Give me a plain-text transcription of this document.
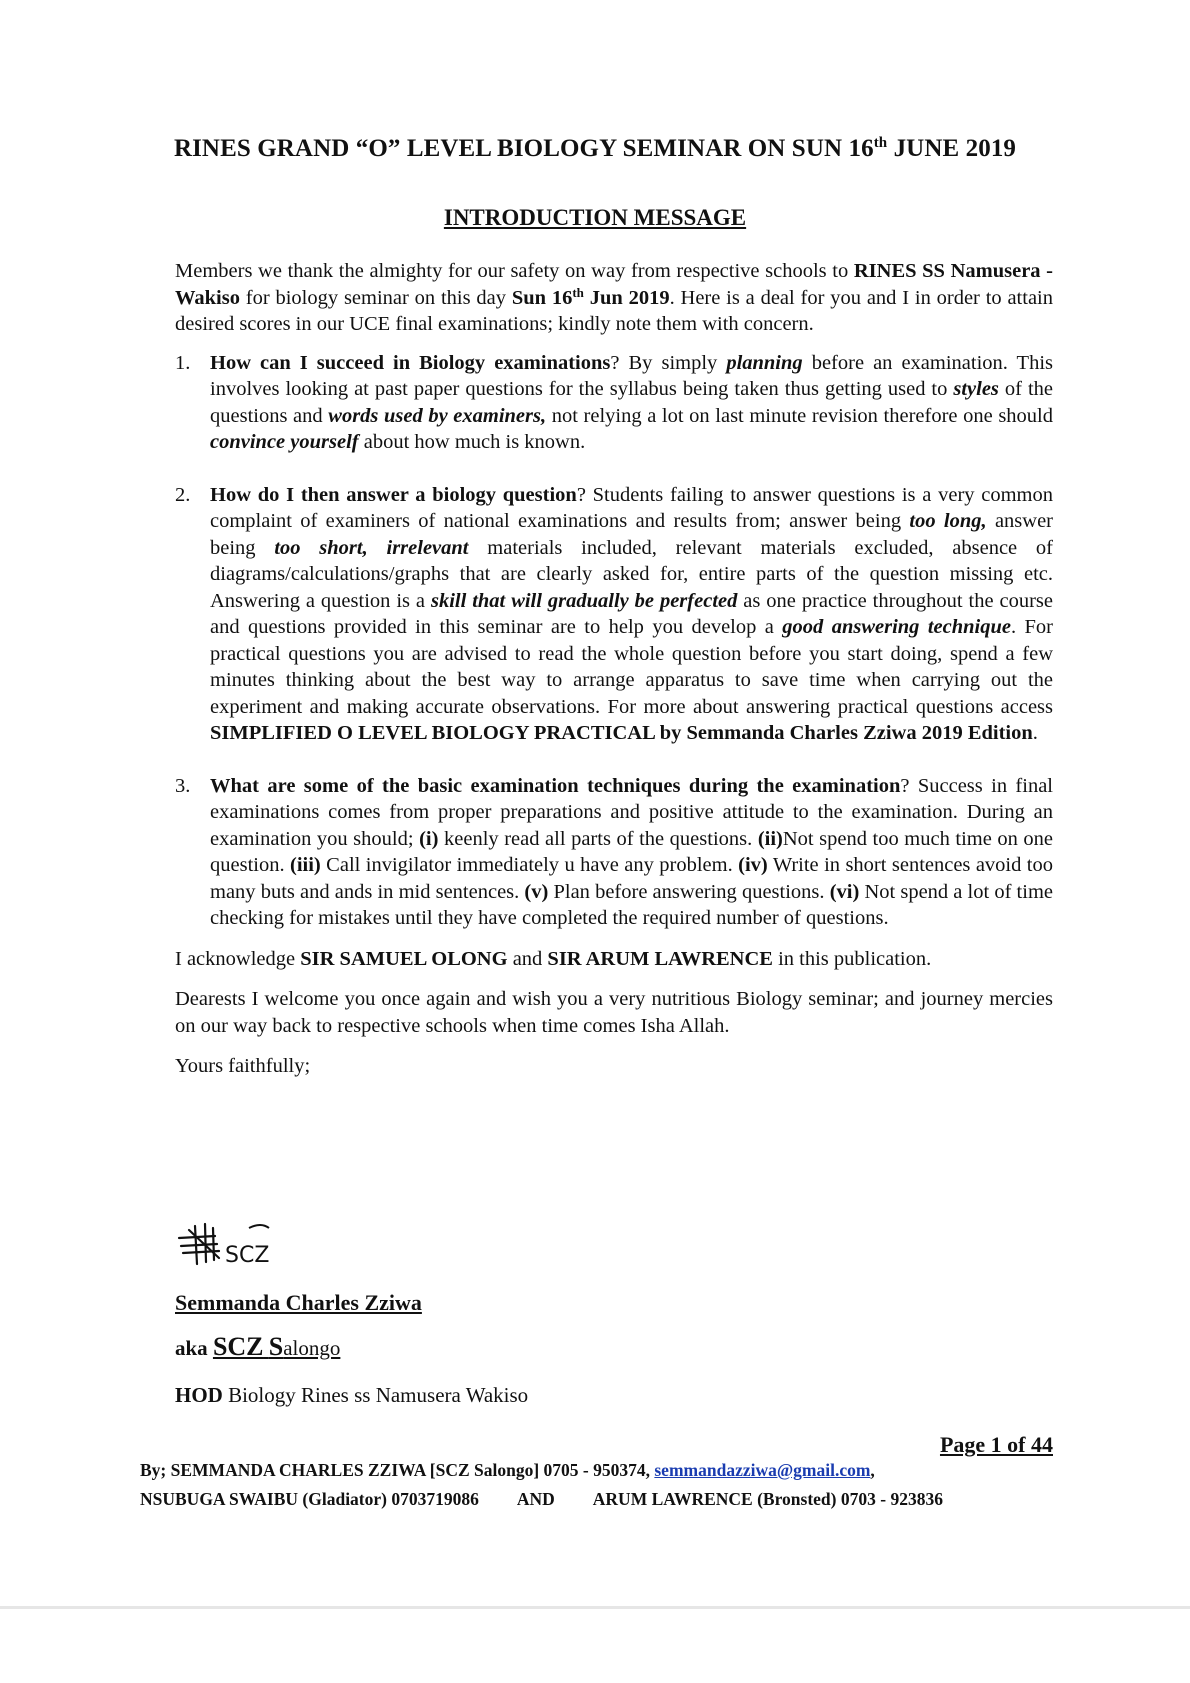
RINES GRAND “O” LEVEL BIOLOGY SEMINAR ON SUN 16th JUNE 2019
INTRODUCTION MESSAGE

Members we thank the almighty for our safety on way from respective schools to RINES SS Namusera - Wakiso for biology seminar on this day Sun 16th Jun 2019. Here is a deal for you and I in order to attain desired scores in our UCE final examinations; kindly note them with concern.

1. How can I succeed in Biology examinations? By simply planning before an examination. This involves looking at past paper questions for the syllabus being taken thus getting used to styles of the questions and words used by examiners, not relying a lot on last minute revision therefore one should convince yourself about how much is known.
2. How do I then answer a biology question? Students failing to answer questions is a very common complaint of examiners of national examinations and results from; answer being too long, answer being too short, irrelevant materials included, relevant materials excluded, absence of diagrams/calculations/graphs that are clearly asked for, entire parts of the question missing etc. Answering a question is a skill that will gradually be perfected as one practice throughout the course and questions provided in this seminar are to help you develop a good answering technique. For practical questions you are advised to read the whole question before you start doing, spend a few minutes thinking about the best way to arrange apparatus to save time when carrying out the experiment and making accurate observations. For more about answering practical questions access SIMPLIFIED O LEVEL BIOLOGY PRACTICAL by Semmanda Charles Zziwa 2019 Edition.
3. What are some of the basic examination techniques during the examination? Success in final examinations comes from proper preparations and positive attitude to the examination. During an examination you should; (i) keenly read all parts of the questions. (ii)Not spend too much time on one question. (iii) Call invigilator immediately u have any problem. (iv) Write in short sentences avoid too many buts and ands in mid sentences. (v) Plan before answering questions. (vi) Not spend a lot of time checking for mistakes until they have completed the required number of questions.

I acknowledge SIR SAMUEL OLONG and SIR ARUM LAWRENCE in this publication.

Dearests I welcome you once again and wish you a very nutritious Biology seminar; and journey mercies on our way back to respective schools when time comes Isha Allah.

Yours faithfully;

SCZ
Semmanda Charles Zziwa
aka SCZ Salongo
HOD Biology Rines ss Namusera Wakiso
Page 1 of 44
By; SEMMANDA CHARLES ZZIWA [SCZ Salongo] 0705 - 950374, semmandazziwa@gmail.com,
NSUBUGA SWAIBU (Gladiator) 0703719086 AND ARUM LAWRENCE (Bronsted) 0703 - 923836
